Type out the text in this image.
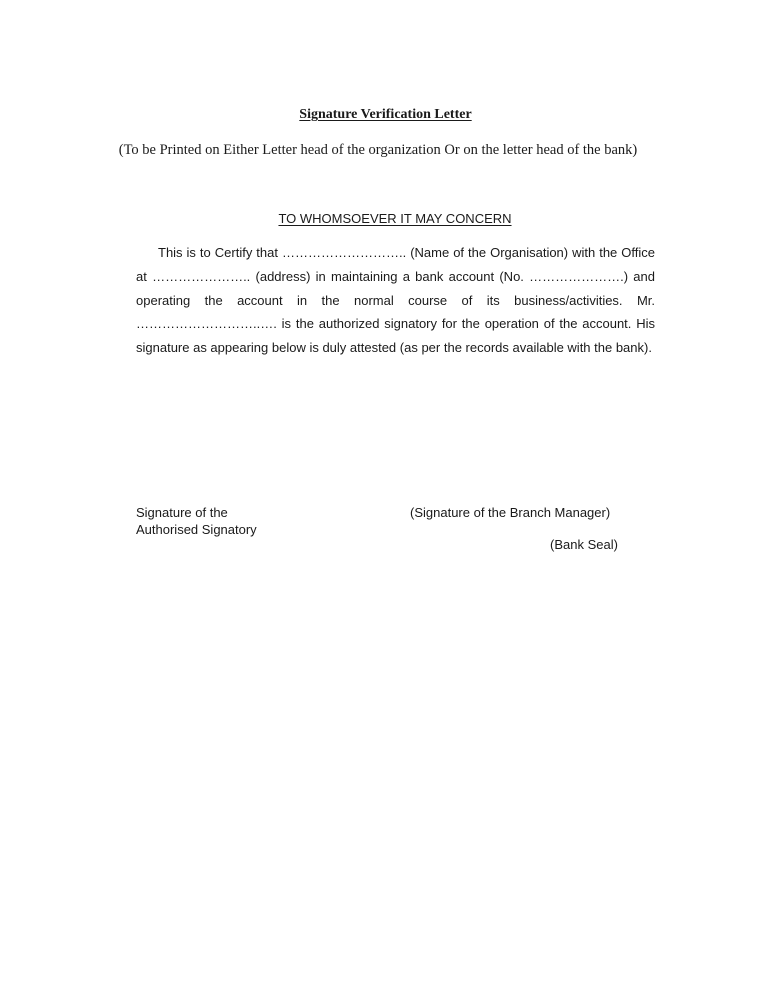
Signature Verification Letter
(To be Printed on Either Letter head of the organization Or on the letter head of the bank)
TO WHOMSOEVER IT MAY CONCERN

This is to Certify that ……………………….. (Name of the Organisation) with the Office at ………………….. (address) in maintaining a bank account (No. ………………….) and operating the account in the normal course of its business/activities. Mr. ………………………..…. is the authorized signatory for the operation of the account. His signature as appearing below is duly attested (as per the records available with the bank).

Signature of the
Authorised Signatory
(Signature of the Branch Manager)
(Bank Seal)
